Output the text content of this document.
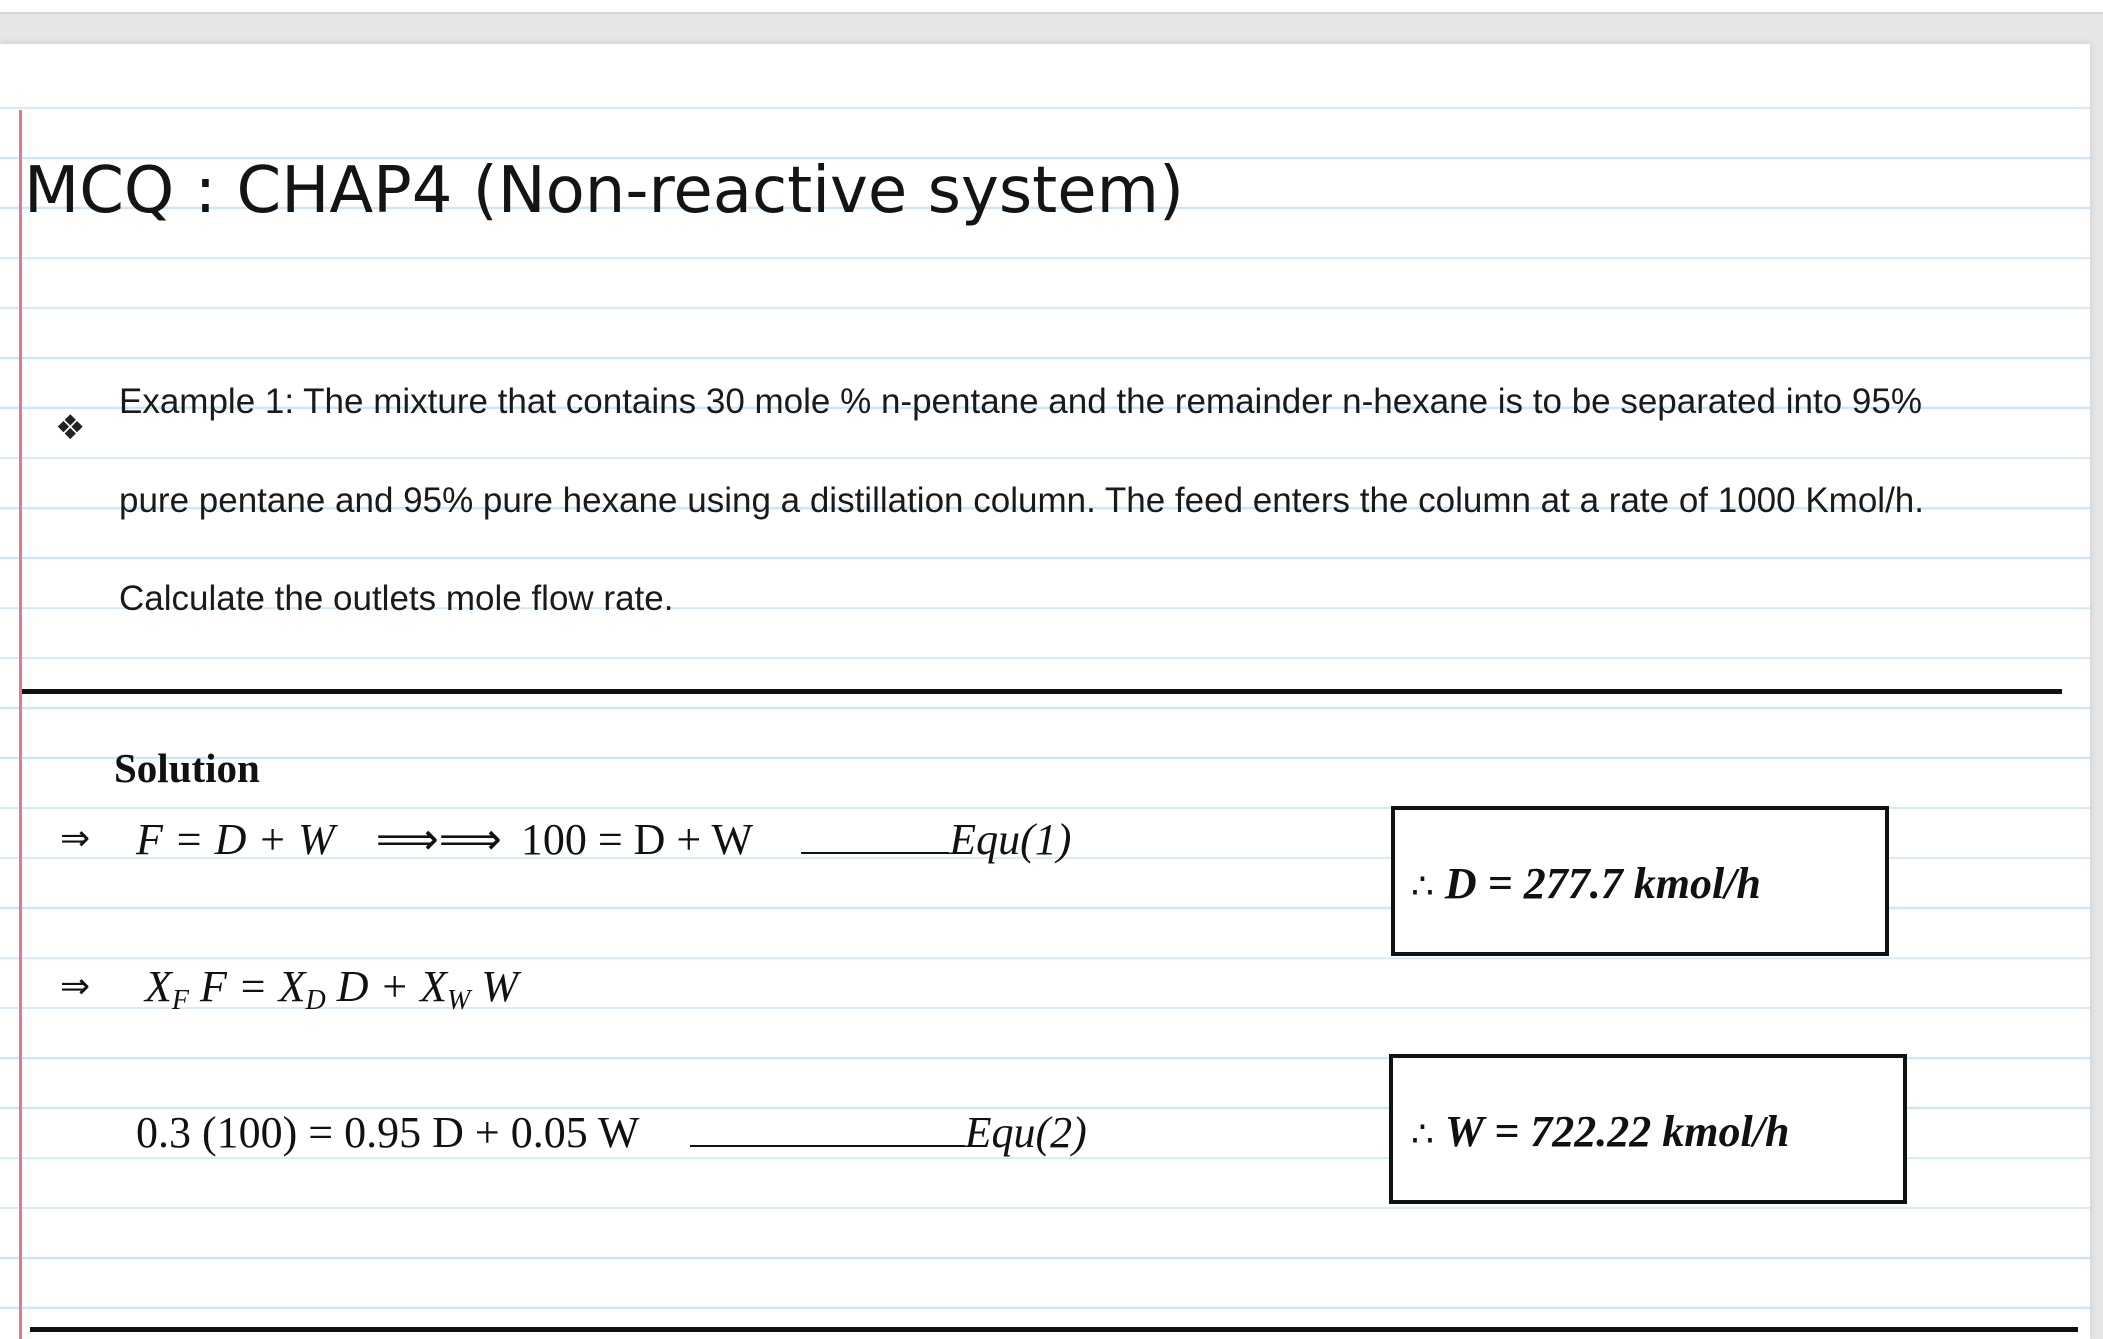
MCQ : CHAP4 (Non-reactive system)
❖
Example 1: The mixture that contains 30 mole % n-pentane and the remainder n-hexane is to be separated into 95%
pure pentane and 95% pure hexane using a distillation column. The feed enters the column at a rate of 1000 Kmol/h.
Calculate the outlets mole flow rate.
Solution
⇒ F = D + W ⟹⟹ 100 = D + W	Equ(1)
∴ D = 277.7 kmol/h
⇒ $X_F$ $F = X_D$ $D + X_W$ W
0.3 (100) = 0.95 D + 0.05 W	Equ(2)	∴ W = 722.22 kmol/h
